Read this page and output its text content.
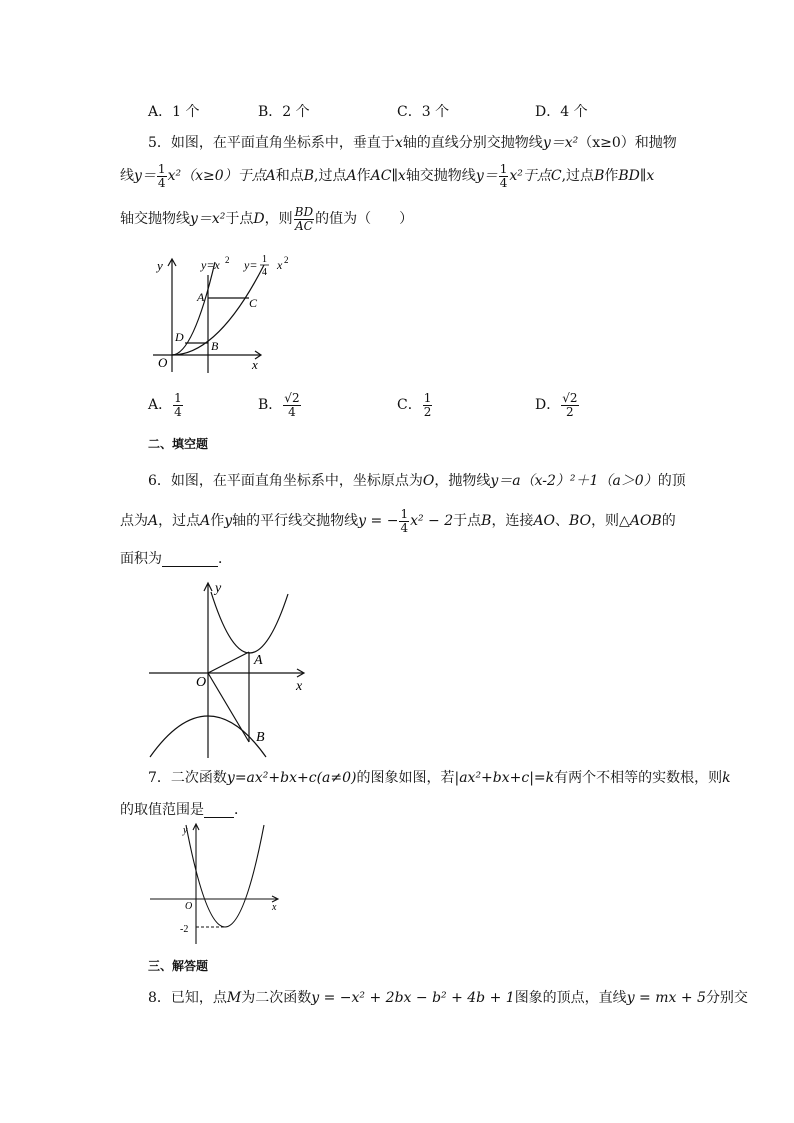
A．1 个	B．2 个	C．3 个	D．4 个
5．如图，在平面直角坐标系中，垂直于x轴的直线分别交抛物线y＝x²（x≥0）和抛物
线$y= \frac{1}{4} x^2(x\ge 0)$于点A和点B,过点A作AC∥x轴交抛物线$y= \frac{1}{4} x^2$于点C,过点B作BD∥x
轴交抛物线y＝x²于点D，则 $\frac{BD}{AC}$ 的值为（　　）
y
x
O
y=x 2 y= 1
4
x 2
A	C
D
B
A． $\frac{1}{4}$	B． $\frac{√2}{4}$	C． $\frac{1}{2}$	D． $\frac{√2}{2}$
二、填空题
6．如图，在平面直角坐标系中，坐标原点为O，抛物线y＝a（x-2）²＋1（a＞0）的顶
点为A，过点A作y轴的平行线交抛物线y = − $\frac{1}{4} x^2 - 2$于点B，连接AO、BO，则△AOB的
面积为	．
y
x
O
A
B
7．二次函数y=ax²+bx+c(a≠0)的图象如图，若|ax²+bx+c|=k有两个不相等的实数根，则k
的取值范围是 ．
y
x
O
-2
三、解答题
8．已知，点M为二次函数y = −x² + 2bx − b² + 4b + 1图象的顶点，直线y = mx + 5分别交
